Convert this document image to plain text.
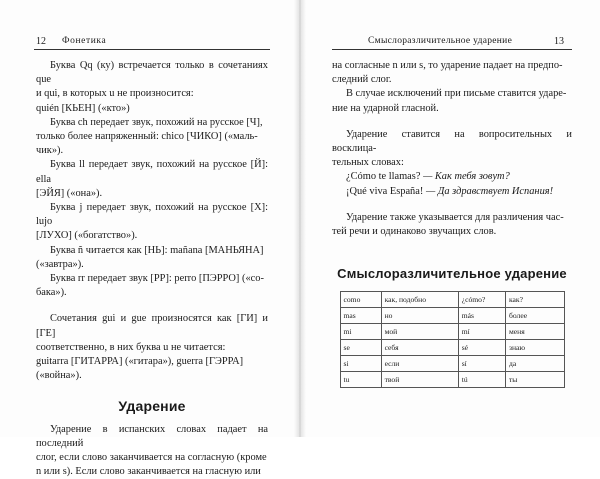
12 Фонетика
Буква Qq (ку) встречается только в сочетаниях que
и qui, в которых u не произносится:
quién [КЬЕН] («кто»)
Буква ch передает звук, похожий на русское [Ч],
только более напряженный: chico [ЧИКО] («маль-
чик»).
Буква ll передает звук, похожий на русское [Й]: ella
[ЭЙЯ] («она»).
Буква j передает звук, похожий на русское [Х]: lujo
[ЛУХО] («богатство»).
Буква ñ читается как [НЬ]: mañana [МАНЬЯНА]
(«завтра»).
Буква rr передает звук [РР]: perro [ПЭРРО] («со-
бака»).
Сочетания gui и gue произносятся как [ГИ] и [ГЕ]
соответственно, в них буква u не читается:
guitarra [ГИТАРРА] («гитара»), guerra [ГЭРРА]
(«война»).
Ударение
Ударение в испанских словах падает на последний
слог, если слово заканчивается на согласную (кроме
n или s). Если слово заканчивается на гласную или
Смыслоразличительное ударение	13
на согласные n или s, то ударение падает на предпо-
следний слог.
В случае исключений при письме ставится ударе-
ние на ударной гласной.
Ударение ставится на вопросительных и восклица-
тельных словах:
¿Cómo te llamas? — Как тебя зовут?
¡Qué viva España! — Да здравствует Испания!
Ударение также указывается для различения час-
тей речи и одинаково звучащих слов.
Смыслоразличительное ударение
como	как, подобно	¿cómo?	как?
mas	но	más	более
mi	мой	mí	меня
se	себя	sé	знаю
si	если	sí	да
tu	твой	tú	ты
